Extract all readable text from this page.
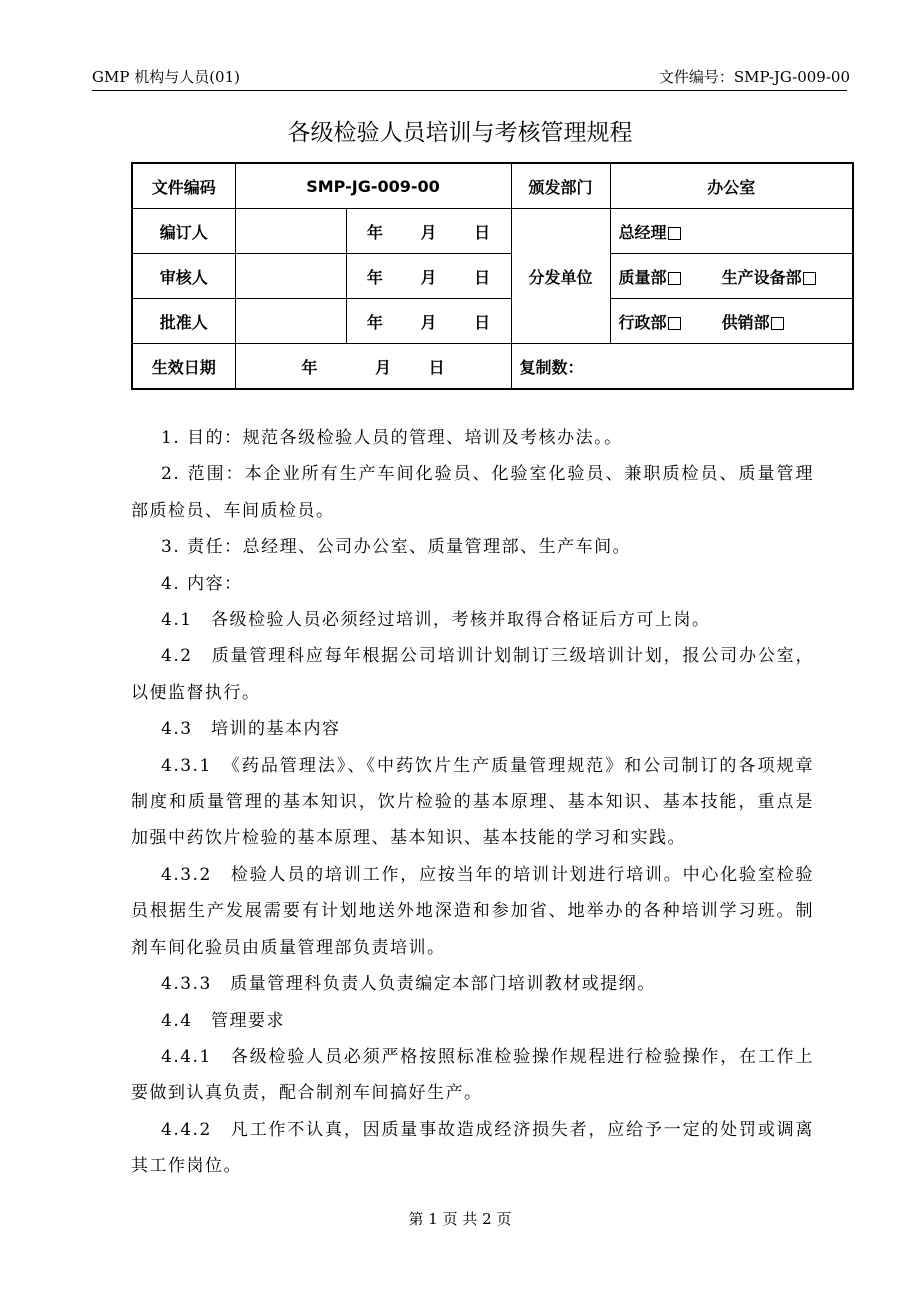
GMP 机构与人员(01)	文件编号：SMP-JG-009-00
各级检验人员培训与考核管理规程
文件编码	SMP-JG-009-00		颁发部门	办公室
编订人		年 月 日	分发单位	总经理
审核人		年 月 日		质量部 生产设备部
批准人		年 月 日		行政部 供销部
生效日期	年 月 日		复制数：	

1. 目的：规范各级检验人员的管理、培训及考核办法。。

2. 范围：本企业所有生产车间化验员、化验室化验员、兼职质检员、质量管理部质检员、车间质检员。

3. 责任：总经理、公司办公室、质量管理部、生产车间。

4. 内容：

4.1　各级检验人员必须经过培训，考核并取得合格证后方可上岗。

4.2　质量管理科应每年根据公司培训计划制订三级培训计划，报公司办公室，以便监督执行。

4.3　培训的基本内容

4.3.1　《药品管理法》、《中药饮片生产质量管理规范》和公司制订的各项规章制度和质量管理的基本知识，饮片检验的基本原理、基本知识、基本技能，重点是加强中药饮片检验的基本原理、基本知识、基本技能的学习和实践。

4.3.2　检验人员的培训工作，应按当年的培训计划进行培训。中心化验室检验员根据生产发展需要有计划地送外地深造和参加省、地举办的各种培训学习班。制剂车间化验员由质量管理部负责培训。

4.3.3　质量管理科负责人负责编定本部门培训教材或提纲。

4.4　管理要求

4.4.1　各级检验人员必须严格按照标准检验操作规程进行检验操作，在工作上要做到认真负责，配合制剂车间搞好生产。

4.4.2　凡工作不认真，因质量事故造成经济损失者，应给予一定的处罚或调离其工作岗位。

第 1 页 共 2 页
